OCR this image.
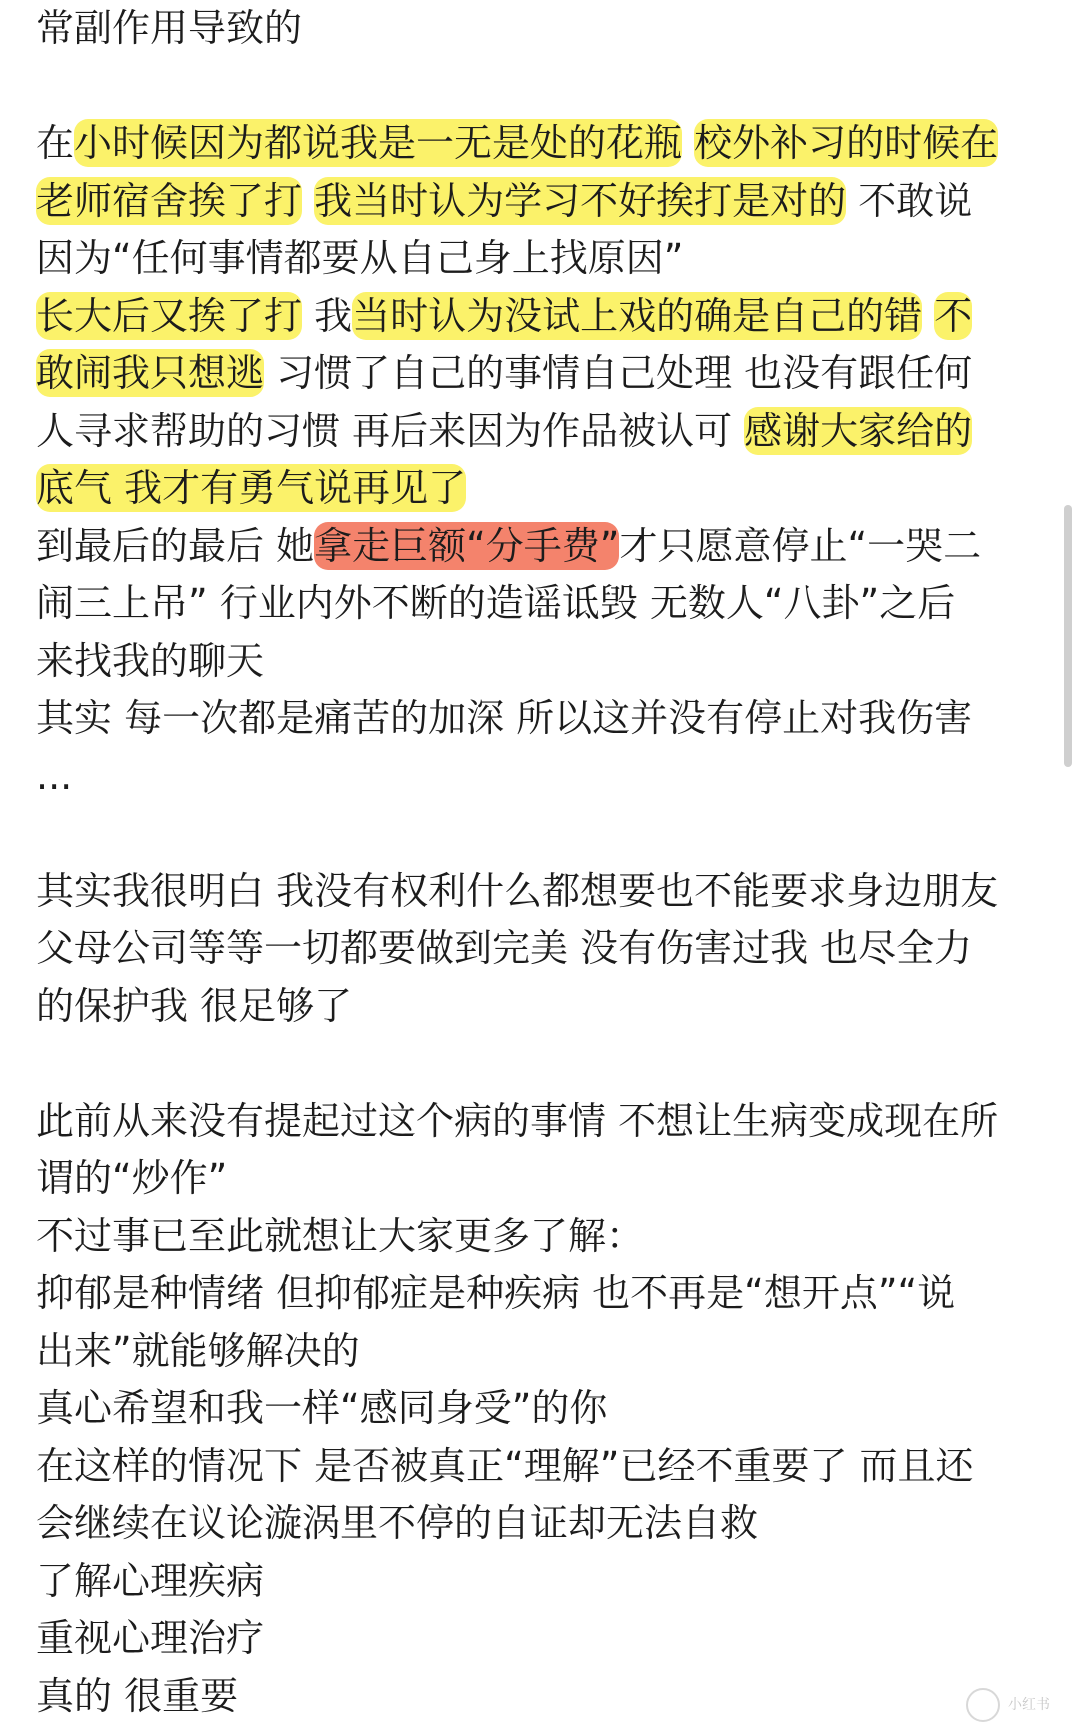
常副作用导致的
在小时候因为都说我是一无是处的花瓶 校外补习的时候在
老师宿舍挨了打 我当时认为学习不好挨打是对的 不敢说
因为“任何事情都要从自己身上找原因”
长大后又挨了打 我当时认为没试上戏的确是自己的错 不
敢闹我只想逃 习惯了自己的事情自己处理 也没有跟任何
人寻求帮助的习惯 再后来因为作品被认可 感谢大家给的
底气 我才有勇气说再见了
到最后的最后 她拿走巨额“分手费”才只愿意停止“一哭二
闹三上吊” 行业内外不断的造谣诋毁 无数人“八卦”之后
来找我的聊天
其实 每一次都是痛苦的加深 所以这并没有停止对我伤害
...
其实我很明白 我没有权利什么都想要也不能要求身边朋友
父母公司等等一切都要做到完美 没有伤害过我 也尽全力
的保护我 很足够了
此前从来没有提起过这个病的事情 不想让生病变成现在所
谓的“炒作”
不过事已至此就想让大家更多了解：
抑郁是种情绪 但抑郁症是种疾病 也不再是“想开点”“说
出来”就能够解决的
真心希望和我一样“感同身受”的你
在这样的情况下 是否被真正“理解”已经不重要了 而且还
会继续在议论漩涡里不停的自证却无法自救
了解心理疾病
重视心理治疗
真的 很重要	小红书
